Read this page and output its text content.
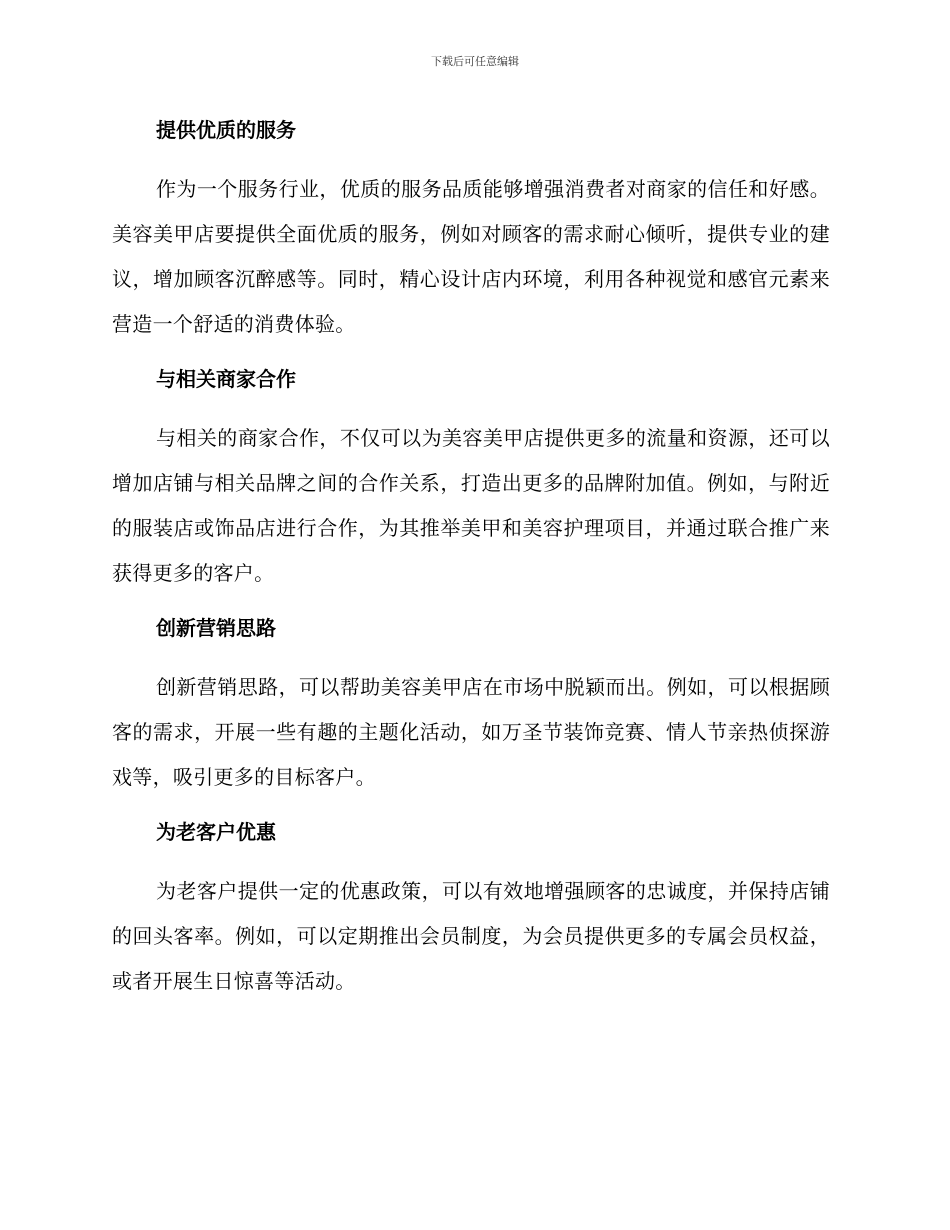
下载后可任意编辑
提供优质的服务

作为一个服务行业，优质的服务品质能够增强消费者对商家的信任和好感。美容美甲店要提供全面优质的服务，例如对顾客的需求耐心倾听，提供专业的建议，增加顾客沉醉感等。同时，精心设计店内环境，利用各种视觉和感官元素来营造一个舒适的消费体验。

与相关商家合作

与相关的商家合作，不仅可以为美容美甲店提供更多的流量和资源，还可以增加店铺与相关品牌之间的合作关系，打造出更多的品牌附加值。例如，与附近的服装店或饰品店进行合作，为其推举美甲和美容护理项目，并通过联合推广来获得更多的客户。

创新营销思路

创新营销思路，可以帮助美容美甲店在市场中脱颖而出。例如，可以根据顾客的需求，开展一些有趣的主题化活动，如万圣节装饰竞赛、情人节亲热侦探游戏等，吸引更多的目标客户。

为老客户优惠

为老客户提供一定的优惠政策，可以有效地增强顾客的忠诚度，并保持店铺的回头客率。例如，可以定期推出会员制度，为会员提供更多的专属会员权益，或者开展生日惊喜等活动。
